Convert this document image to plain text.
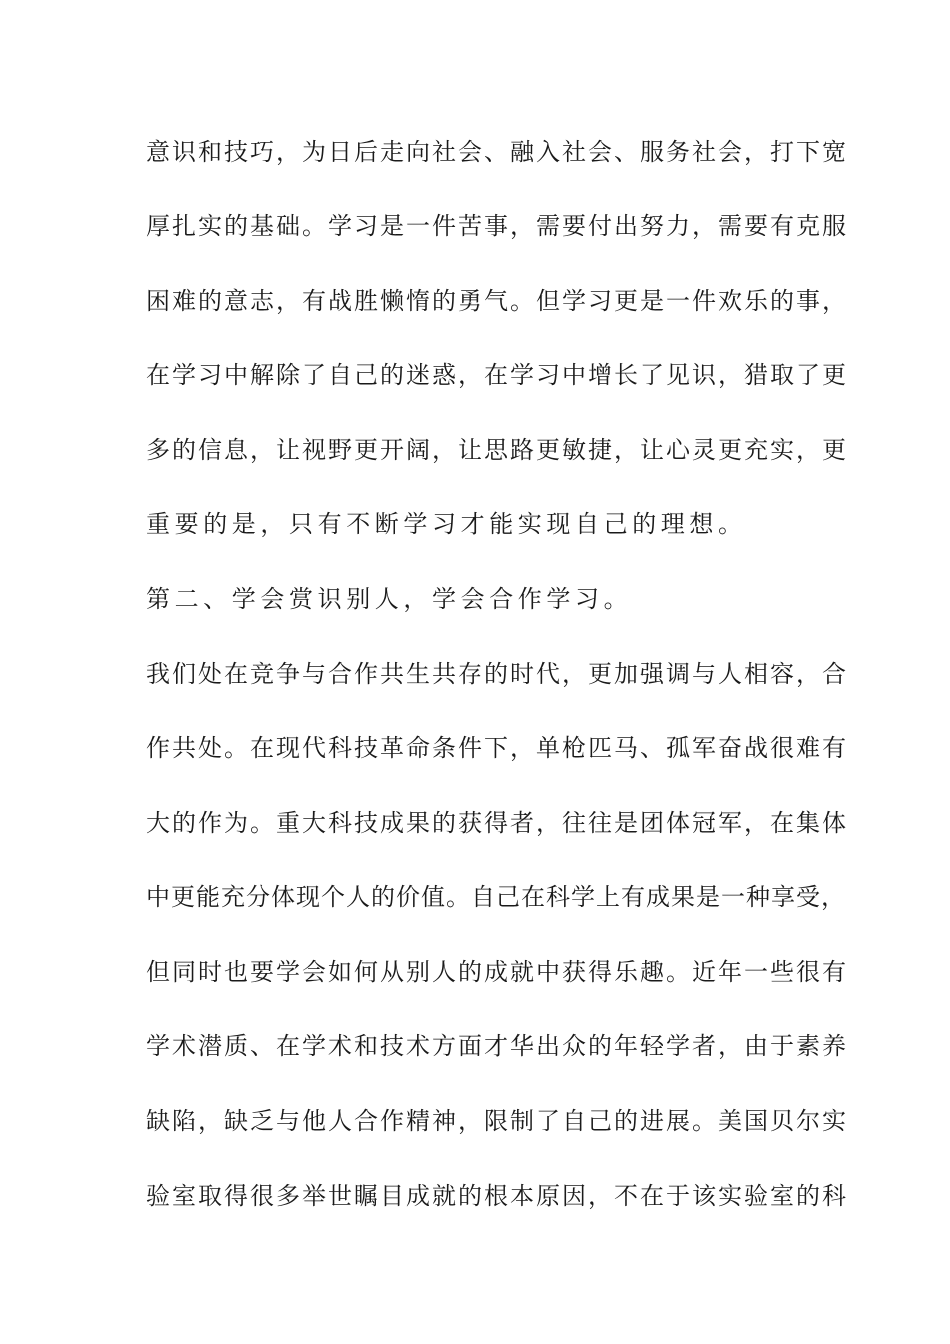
意识和技巧，为日后走向社会、融入社会、服务社会，打下宽
厚扎实的基础。学习是一件苦事，需要付出努力，需要有克服
困难的意志，有战胜懒惰的勇气。但学习更是一件欢乐的事，
在学习中解除了自己的迷惑，在学习中增长了见识，猎取了更
多的信息，让视野更开阔，让思路更敏捷，让心灵更充实，更
重要的是，只有不断学习才能实现自己的理想。
第二、学会赏识别人，学会合作学习。
我们处在竞争与合作共生共存的时代，更加强调与人相容，合
作共处。在现代科技革命条件下，单枪匹马、孤军奋战很难有
大的作为。重大科技成果的获得者，往往是团体冠军，在集体
中更能充分体现个人的价值。自己在科学上有成果是一种享受，
但同时也要学会如何从别人的成就中获得乐趣。近年一些很有
学术潜质、在学术和技术方面才华出众的年轻学者，由于素养
缺陷，缺乏与他人合作精神，限制了自己的进展。美国贝尔实
验室取得很多举世瞩目成就的根本原因，不在于该实验室的科
